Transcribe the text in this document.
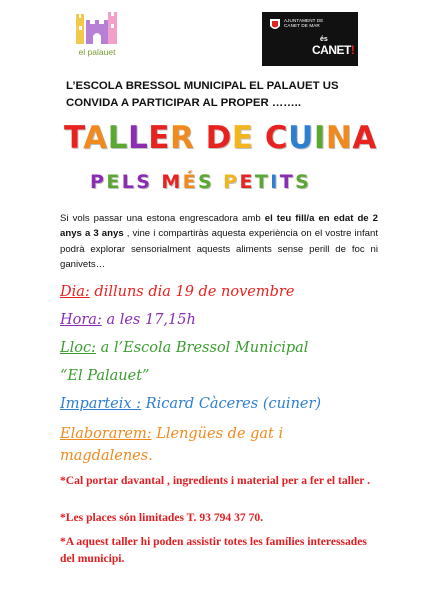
el palauet
AJUNTAMENT DE
CANET DE MAR
és
CANET!
L’ESCOLA BRESSOL MUNICIPAL EL PALAUET US CONVIDA A PARTICIPAR AL PROPER ……..
TALLER DE CUINA
PELS MÉS PETITS
Si vols passar una estona engrescadora amb el teu fill/a en edat de 2 anys a 3 anys , vine i compartiràs aquesta experiència on el vostre infant podrà explorar sensorialment aquests aliments sense perill de foc ni ganivets…
Dia: dilluns dia 19 de novembre
Hora: a les 17,15h
Lloc: a l’Escola Bressol Municipal
“El Palauet”
Imparteix : Ricard Càceres (cuiner)
Elaborarem: Llengües de gat i magdalenes.
*Cal portar davantal , ingredients i material per a fer el taller .
*Les places són limitades T. 93 794 37 70.
*A aquest taller hi poden assistir totes les famílies interessades del municipi.
